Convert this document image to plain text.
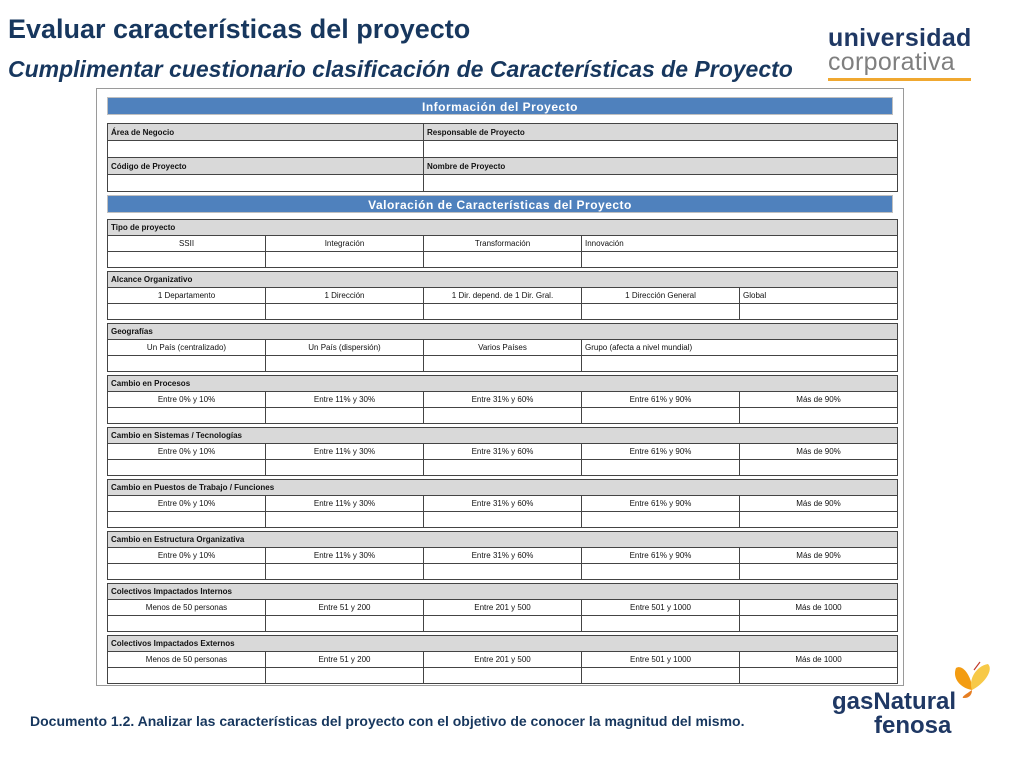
Evaluar características del proyecto
Cumplimentar cuestionario clasificación de Características de Proyecto
universidad
corporativa
Información del Proyecto
Área de Negocio	Responsable de Proyecto

Código de Proyecto	Nombre de Proyecto

Valoración de Características del Proyecto
Tipo de proyecto			
SSII	Integración	Transformación	Innovación

Alcance Organizativo				
1 Departamento	1 Dirección	1 Dir. depend. de 1 Dir. Gral.	1 Dirección General	Global

Geografías			
Un País (centralizado)	Un País (dispersión)	Varios Países	Grupo (afecta a nivel mundial)

Cambio en Procesos				
Entre 0% y 10%	Entre 11% y 30%	Entre 31% y 60%	Entre 61% y 90%	Más de 90%

Cambio en Sistemas / Tecnologías				
Entre 0% y 10%	Entre 11% y 30%	Entre 31% y 60%	Entre 61% y 90%	Más de 90%

Cambio en Puestos de Trabajo / Funciones				
Entre 0% y 10%	Entre 11% y 30%	Entre 31% y 60%	Entre 61% y 90%	Más de 90%

Cambio en Estructura Organizativa				
Entre 0% y 10%	Entre 11% y 30%	Entre 31% y 60%	Entre 61% y 90%	Más de 90%

Colectivos Impactados Internos				
Menos de 50 personas	Entre 51 y 200	Entre 201 y 500	Entre 501 y 1000	Más de 1000

Colectivos Impactados Externos				
Menos de 50 personas	Entre 51 y 200	Entre 201 y 500	Entre 501 y 1000	Más de 1000

Documento 1.2. Analizar las características del proyecto con el objetivo de conocer la magnitud del mismo.

gasNatural
fenosa
